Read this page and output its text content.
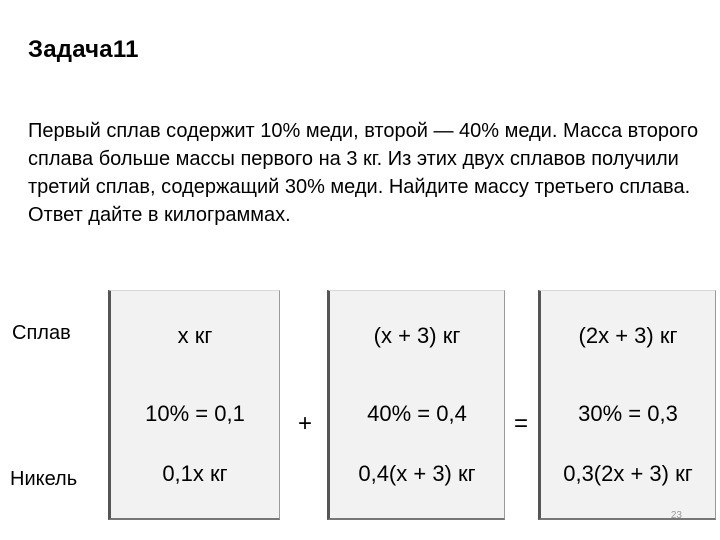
Задача11

Первый сплав содержит 10% меди, второй — 40% меди. Масса второго сплава больше массы первого на 3 кг. Из этих двух сплавов получили третий сплав, содержащий 30% меди. Найдите массу третьего сплава. Ответ дайте в килограммах.

Сплав
Никель
x кг
10% = 0,1
0,1x кг
+
(x + 3) кг
40% = 0,4
0,4(x + 3) кг
=
(2x + 3) кг
30% = 0,3
0,3(2x + 3) кг
23
